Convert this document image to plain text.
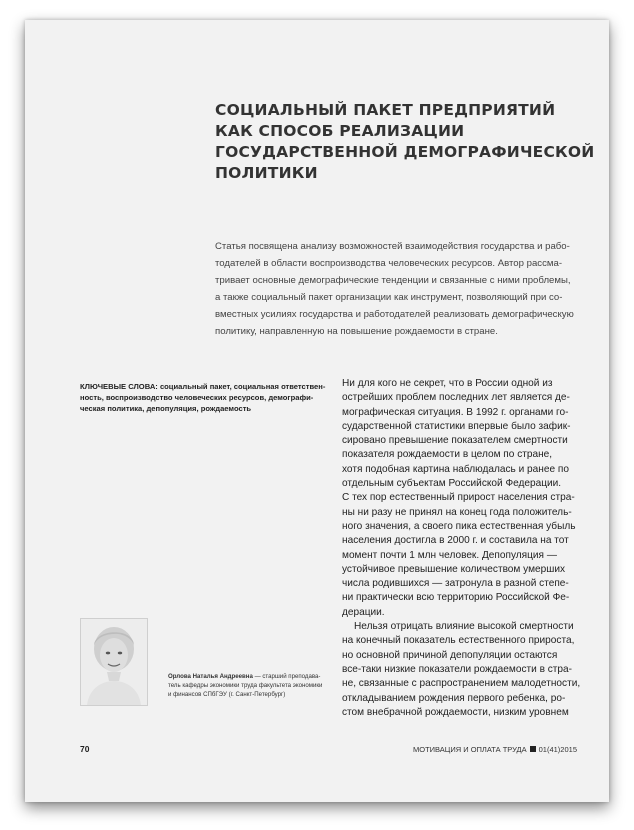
СОЦИАЛЬНЫЙ ПАКЕТ ПРЕДПРИЯТИЙ
КАК СПОСОБ РЕАЛИЗАЦИИ
ГОСУДАРСТВЕННОЙ ДЕМОГРАФИЧЕСКОЙ
ПОЛИТИКИ
Статья посвящена анализу возможностей взаимодействия государства и рабо-
тодателей в области воспроизводства человеческих ресурсов. Автор рассма-
тривает основные демографические тенденции и связанные с ними проблемы,
а также социальный пакет организации как инструмент, позволяющий при со-
вместных усилиях государства и работодателей реализовать демографическую
политику, направленную на повышение рождаемости в стране.
КЛЮЧЕВЫЕ СЛОВА: социальный пакет, социальная ответствен-
ность, воспроизводство человеческих ресурсов, демографи-
ческая политика, депопуляция, рождаемость
Ни для кого не секрет, что в России одной из
острейших проблем последних лет является де-
мографическая ситуация. В 1992 г. органами го-
сударственной статистики впервые было зафик-
сировано превышение показателем смертности
показателя рождаемости в целом по стране,
хотя подобная картина наблюдалась и ранее по
отдельным субъектам Российской Федерации.
С тех пор естественный прирост населения стра-
ны ни разу не принял на конец года положитель-
ного значения, а своего пика естественная убыль
населения достигла в 2000 г. и составила на тот
момент почти 1 млн человек. Депопуляция —
устойчивое превышение количеством умерших
числа родившихся — затронула в разной степе-
ни практически всю территорию Российской Фе-
дерации.
Нельзя отрицать влияние высокой смертности
на конечный показатель естественного прироста,
но основной причиной депопуляции остаются
все-таки низкие показатели рождаемости в стра-
не, связанные с распространением малодетности,
откладыванием рождения первого ребенка, ро-
стом внебрачной рождаемости, низким уровнем
Орлова Наталья Андреевна — старший преподава-
тель кафедры экономики труда факультета экономики
и финансов СПбГЭУ (г. Санкт-Петербург)
70	МОТИВАЦИЯ И ОПЛАТА ТРУДА 01(41)2015
